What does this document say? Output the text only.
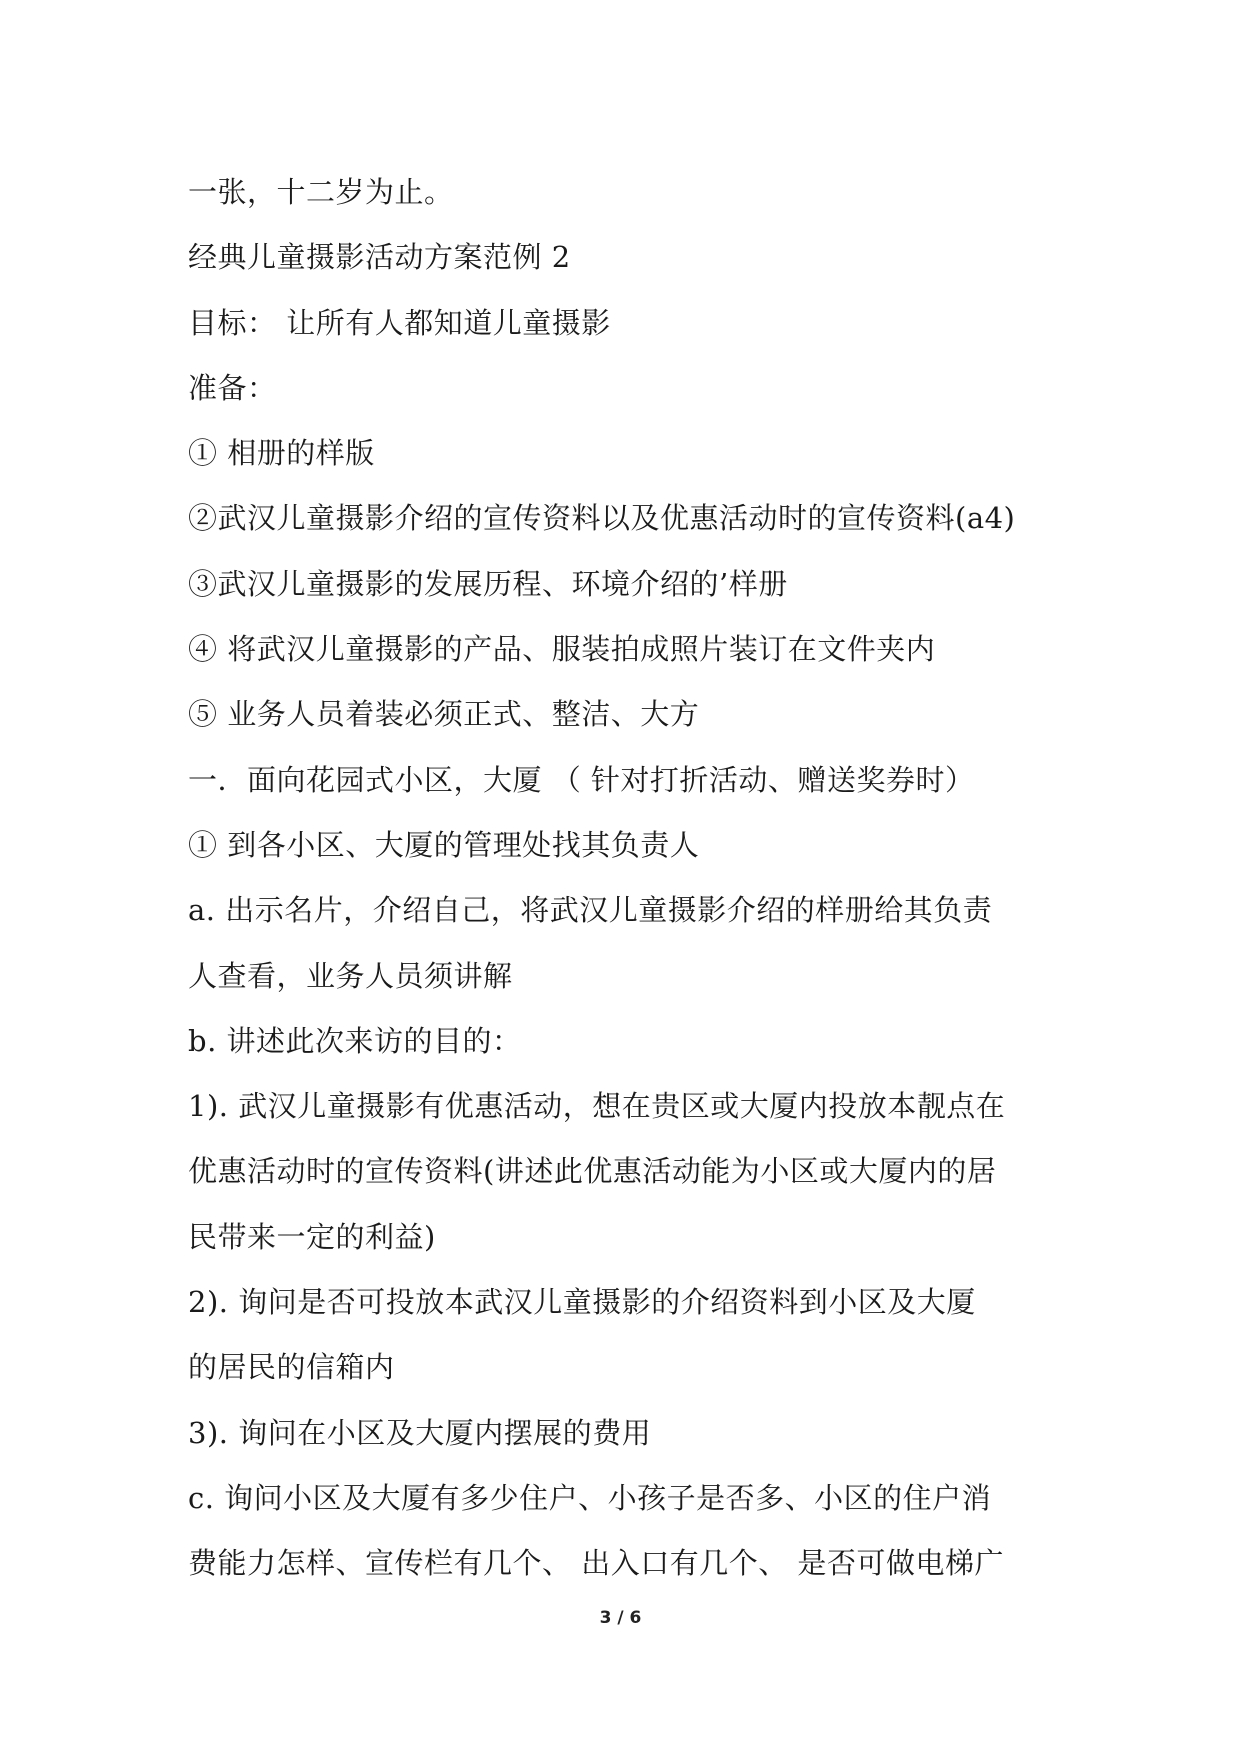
一张，十二岁为止。
经典儿童摄影活动方案范例 2
目标： 让所有人都知道儿童摄影
准备：
① 相册的样版
②武汉儿童摄影介绍的宣传资料以及优惠活动时的宣传资料(a4)
③武汉儿童摄影的发展历程、环境介绍的’样册
④ 将武汉儿童摄影的产品、服装拍成照片装订在文件夹内
⑤ 业务人员着装必须正式、整洁、大方
一．面向花园式小区，大厦 （ 针对打折活动、赠送奖券时）
① 到各小区、大厦的管理处找其负责人
a. 出示名片，介绍自己，将武汉儿童摄影介绍的样册给其负责
人查看，业务人员须讲解
b. 讲述此次来访的目的：
1). 武汉儿童摄影有优惠活动，想在贵区或大厦内投放本靓点在
优惠活动时的宣传资料(讲述此优惠活动能为小区或大厦内的居
民带来一定的利益)
2). 询问是否可投放本武汉儿童摄影的介绍资料到小区及大厦
的居民的信箱内
3). 询问在小区及大厦内摆展的费用
c. 询问小区及大厦有多少住户、小孩子是否多、小区的住户消
费能力怎样、宣传栏有几个、 出入口有几个、 是否可做电梯广
3 / 6
